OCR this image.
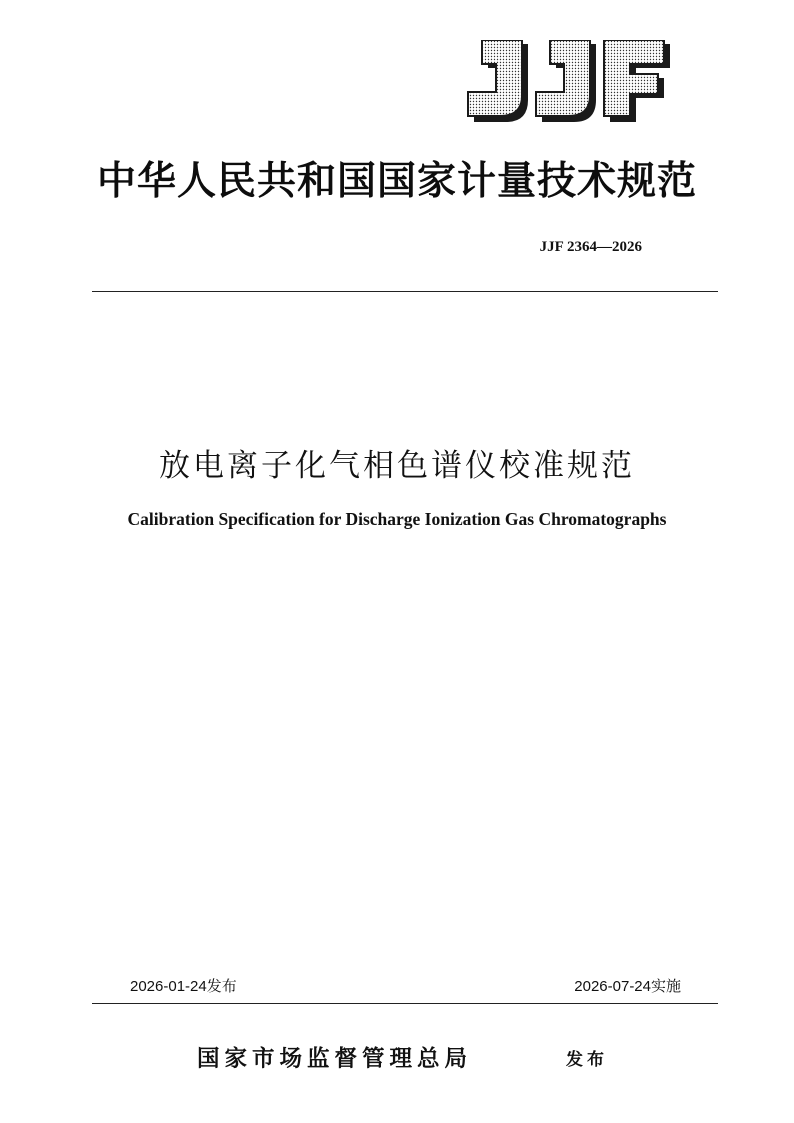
中华人民共和国国家计量技术规范
JJF 2364—2026
放电离子化气相色谱仪校准规范
Calibration Specification for Discharge Ionization Gas Chromatographs
2026-01-24发布	2026-07-24实施
国家市场监督管理总局	发布
